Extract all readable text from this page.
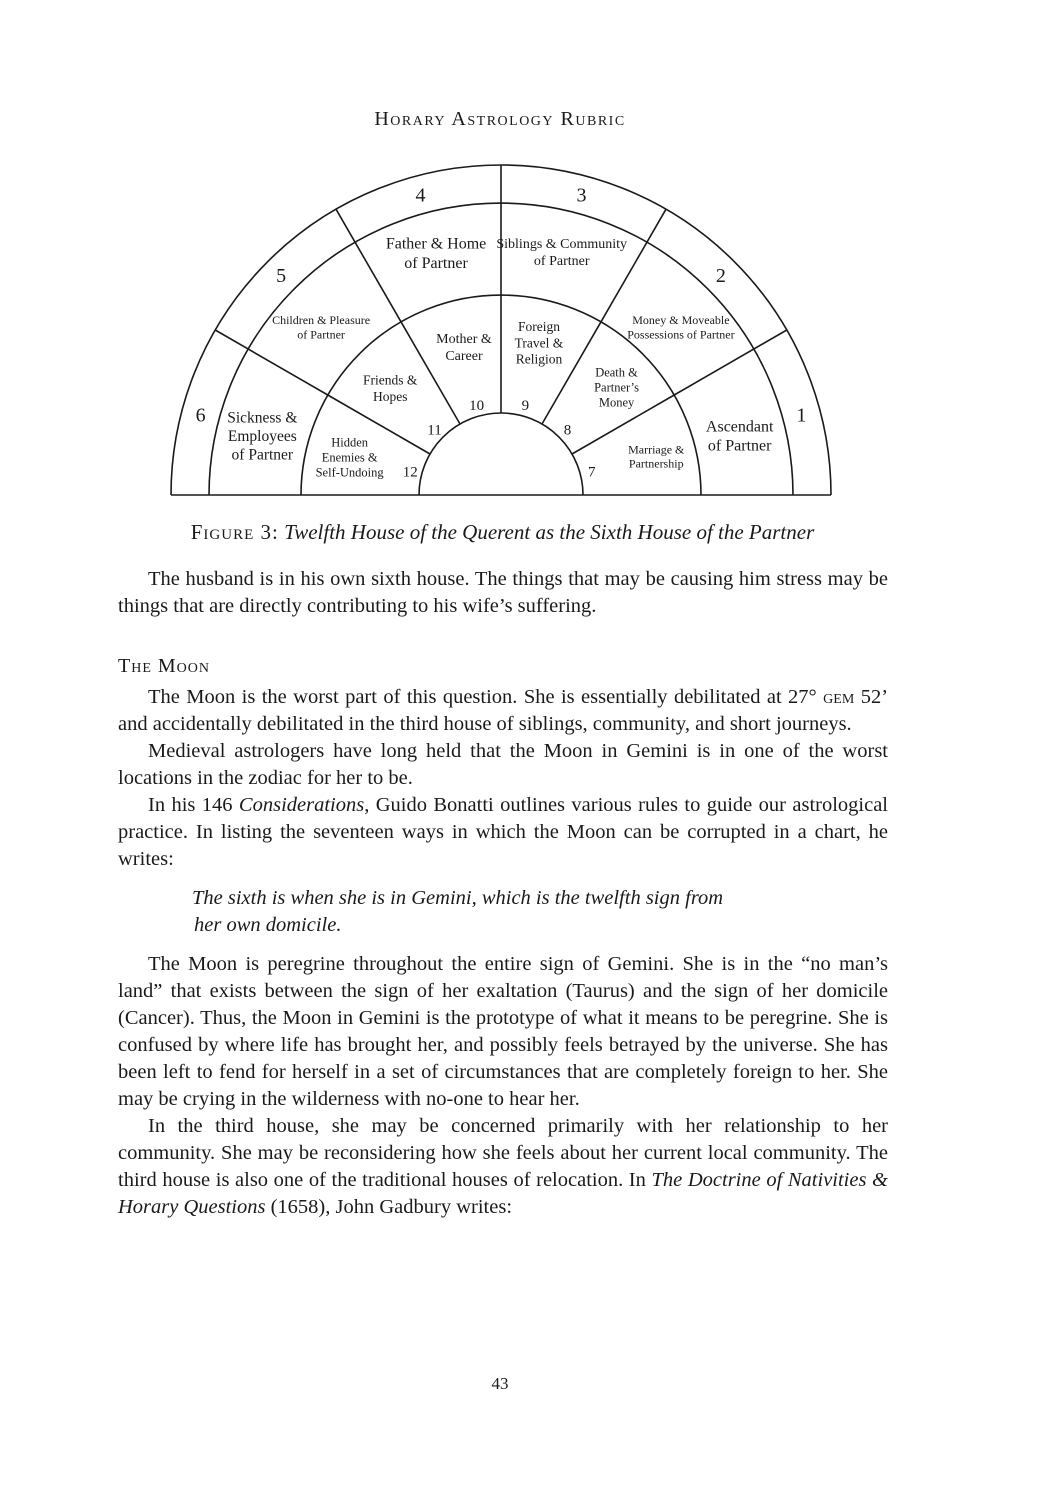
Horary Astrology Rubric
1
2
3
4
5
6
Ascendant of Partner
Money & Moveable Possessions of Partner
Siblings & Community of Partner
Father & Home of Partner
Children & Pleasure of Partner
Sickness & Employees of Partner
7
8
9
10
11
12
Marriage & Partnership
Death & Partner’s Money
Foreign Travel & Religion
Mother & Career
Friends & Hopes
Hidden Enemies & Self-Undoing
Figure 3: Twelfth House of the Querent as the Sixth House of the Partner

The husband is in his own sixth house. The things that may be causing him stress may be things that are directly contributing to his wife’s suffering.

The Moon

The Moon is the worst part of this question. She is essentially debilitated at 27° gem 52’ and accidentally debilitated in the third house of siblings, community, and short journeys.

Medieval astrologers have long held that the Moon in Gemini is in one of the worst locations in the zodiac for her to be.

In his 146 Considerations, Guido Bonatti outlines various rules to guide our astrological practice. In listing the seventeen ways in which the Moon can be corrupted in a chart, he writes:

The sixth is when she is in Gemini, which is the twelfth sign from
her own domicile.

The Moon is peregrine throughout the entire sign of Gemini. She is in the “no man’s land” that exists between the sign of her exaltation (Taurus) and the sign of her domicile (Cancer). Thus, the Moon in Gemini is the prototype of what it means to be peregrine. She is confused by where life has brought her, and possibly feels betrayed by the universe. She has been left to fend for herself in a set of circumstances that are completely foreign to her. She may be crying in the wilderness with no-one to hear her.

In the third house, she may be concerned primarily with her relationship to her community. She may be reconsidering how she feels about her current local community. The third house is also one of the traditional houses of relocation. In The Doctrine of Nativities & Horary Questions (1658), John Gadbury writes:

43
